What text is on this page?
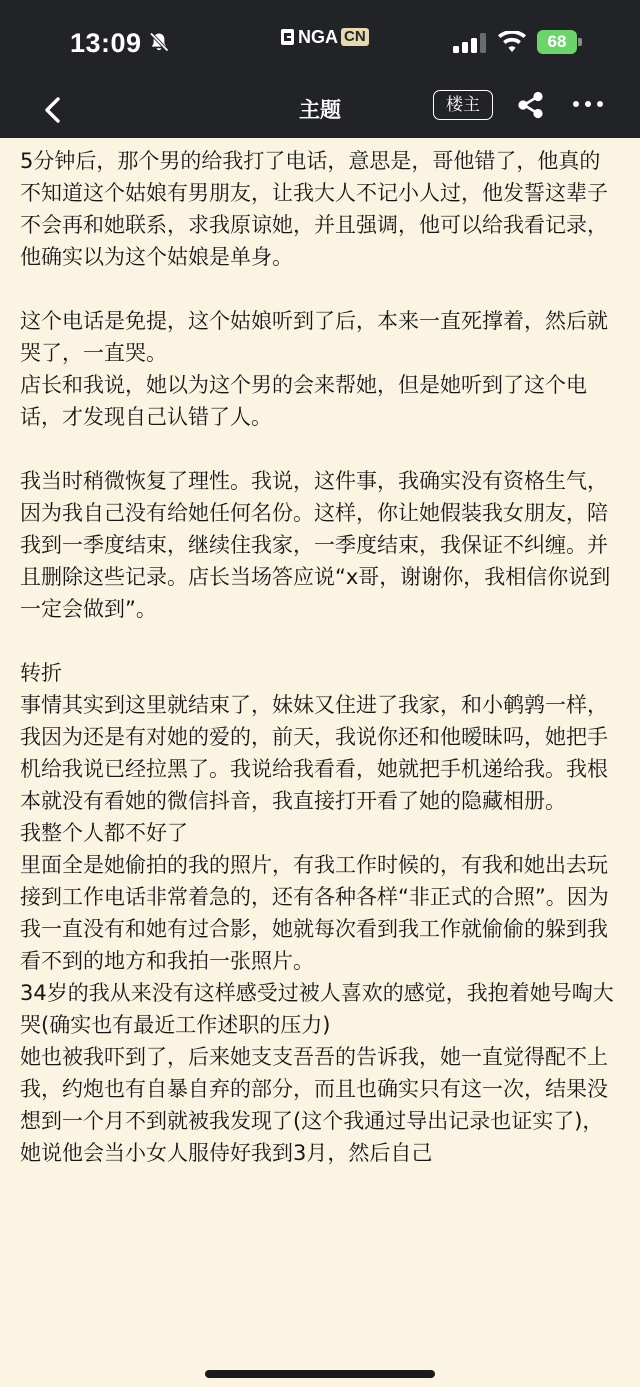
13:09	NGA CN	68
主题	楼主

5分钟后，那个男的给我打了电话，意思是，哥他错了，他真的不知道这个姑娘有男朋友，让我大人不记小人过，他发誓这辈子不会再和她联系，求我原谅她，并且强调，他可以给我看记录，他确实以为这个姑娘是单身。

这个电话是免提，这个姑娘听到了后，本来一直死撑着，然后就哭了，一直哭。

店长和我说，她以为这个男的会来帮她，但是她听到了这个电话，才发现自己认错了人。

我当时稍微恢复了理性。我说，这件事，我确实没有资格生气，因为我自己没有给她任何名份。这样，你让她假装我女朋友，陪我到一季度结束，继续住我家，一季度结束，我保证不纠缠。并且删除这些记录。店长当场答应说“x哥，谢谢你，我相信你说到一定会做到”。

转折

事情其实到这里就结束了，妹妹又住进了我家，和小鹌鹑一样，我因为还是有对她的爱的，前天，我说你还和他暧昧吗，她把手机给我说已经拉黑了。我说给我看看，她就把手机递给我。我根本就没有看她的微信抖音，我直接打开看了她的隐藏相册。

我整个人都不好了

里面全是她偷拍的我的照片，有我工作时候的，有我和她出去玩接到工作电话非常着急的，还有各种各样“非正式的合照”。因为我一直没有和她有过合影，她就每次看到我工作就偷偷的躲到我看不到的地方和我拍一张照片。

34岁的我从来没有这样感受过被人喜欢的感觉，我抱着她号啕大哭(确实也有最近工作述职的压力)

她也被我吓到了，后来她支支吾吾的告诉我，她一直觉得配不上我，约炮也有自暴自弃的部分，而且也确实只有这一次，结果没想到一个月不到就被我发现了(这个我通过导出记录也证实了)，她说他会当小女人服侍好我到3月，然后自己
